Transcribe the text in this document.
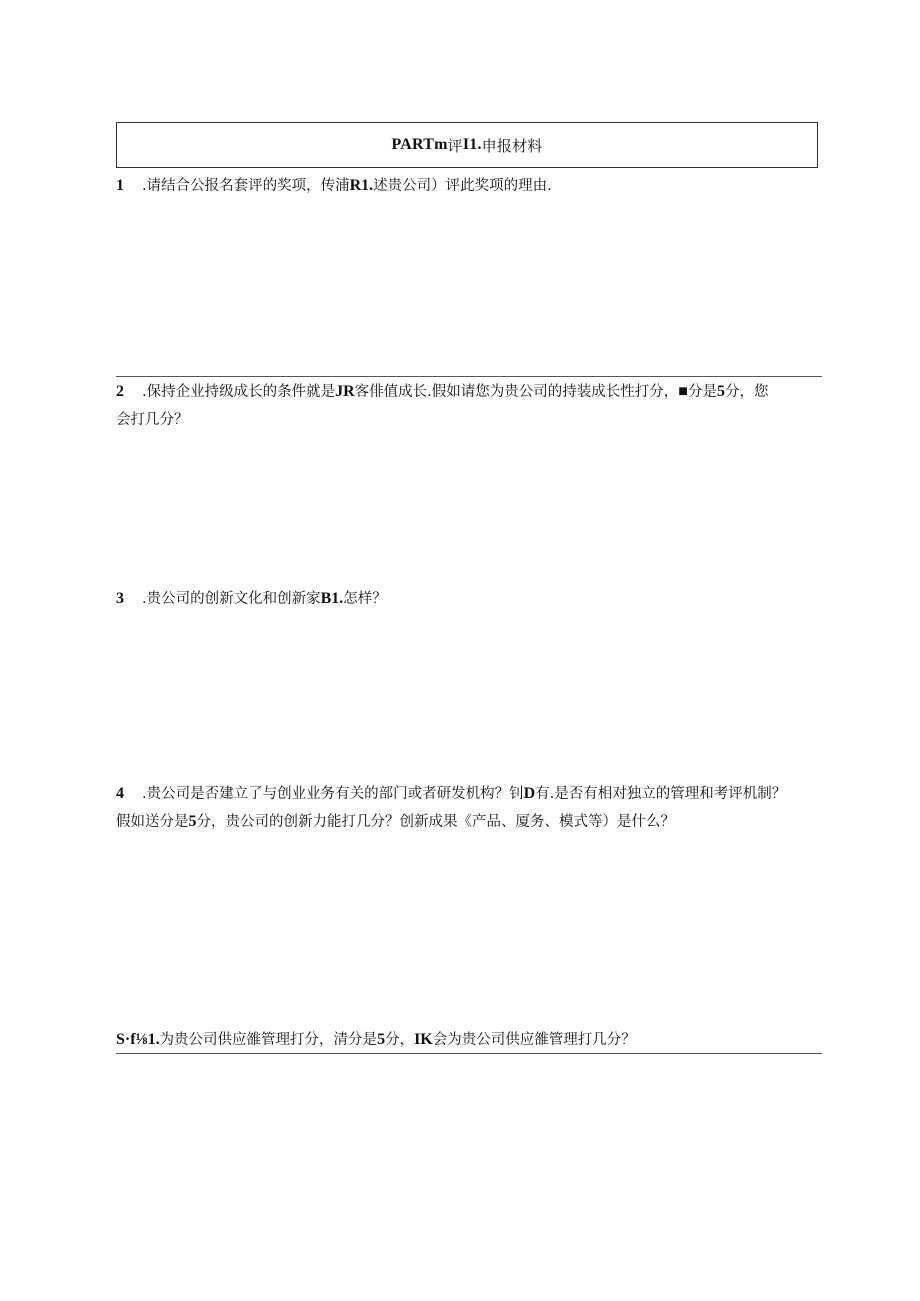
PARTm 评 I1. 申报材料
1 .请结合公报名套评的奖项，传浦R1.述贵公司）评此奖项的理由.
2 .保持企业持级成长的条件就是JR客俳值成长.假如请您为贵公司的持装成长性打分，■分是5分，您
会打几分？
3 .贵公司的创新文化和创新家B1.怎样？
4 .贵公司是否建立了与创业业务有关的部门或者研发机构？钊D有.是否有相对独立的管理和考评机制？
假如送分是5分，贵公司的创新力能打几分？创新成果《产品、厦务、模式等）是什么？
S·f⅛1.为贵公司供应雒管理打分，清分是5分，IK会为贵公司供应雒管理打几分？
